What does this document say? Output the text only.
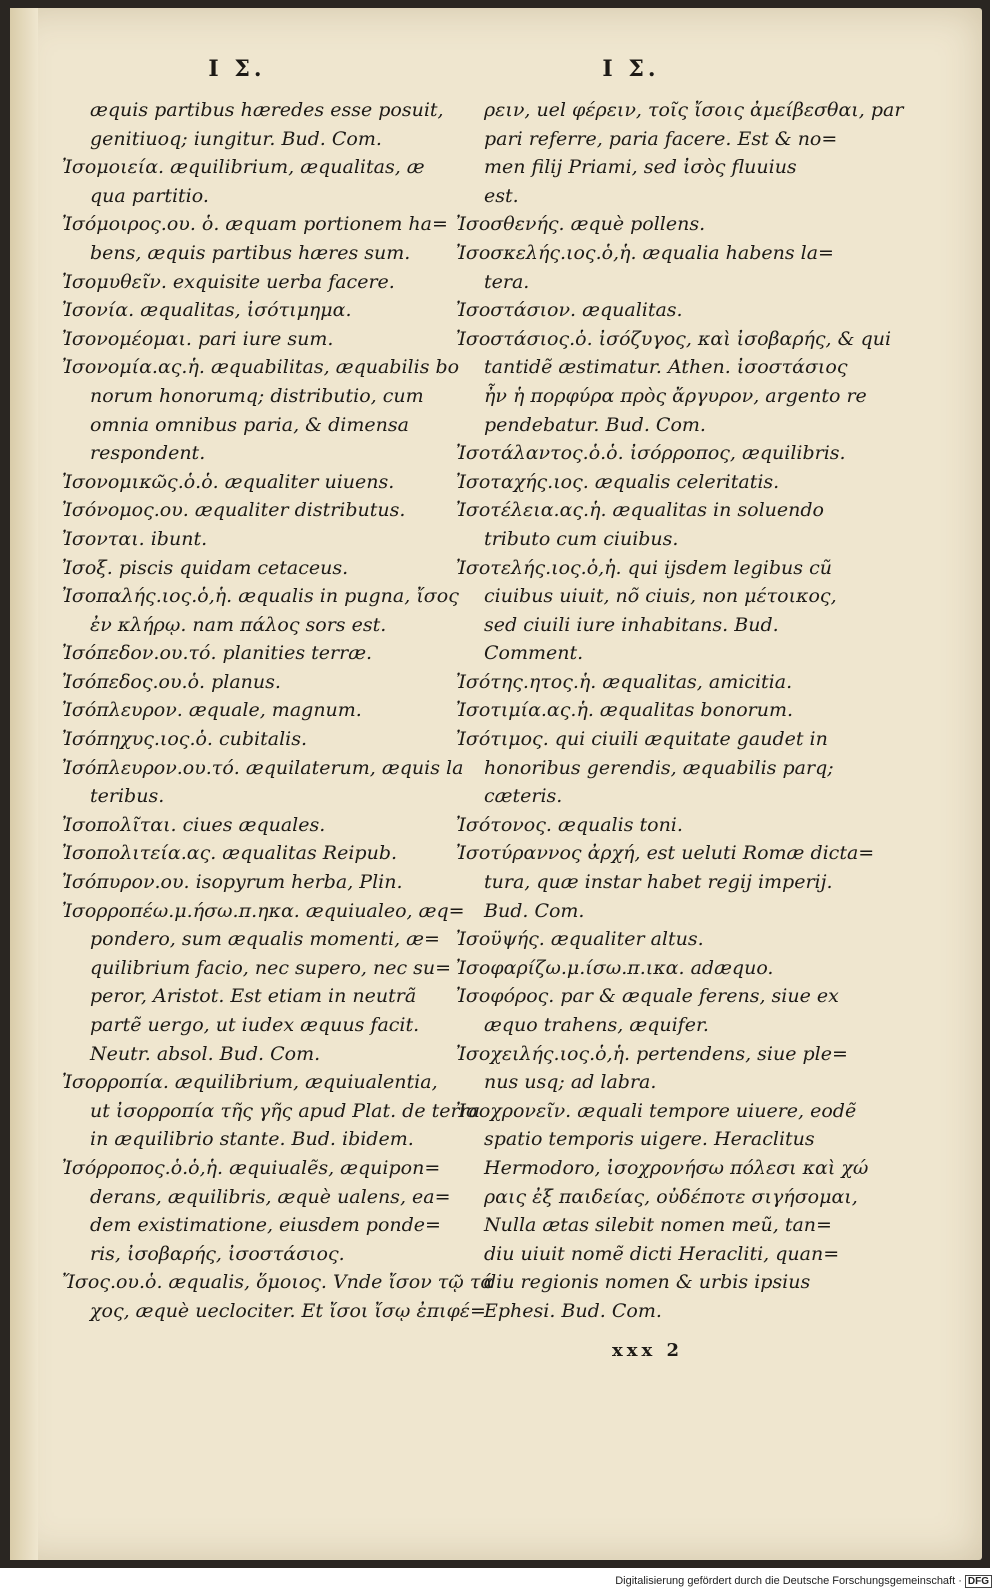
I Σ.
æquis partibus hæredes esse posuit,
genitiuoq; iungitur. Bud. Com.
Ἰσομοιεία. æquilibrium, æqualitas, æ
qua partitio.
Ἰσόμοιρος.ου. ὁ. æquam portionem ha=
bens, æquis partibus hæres sum.
Ἰσομυθεῖν. exquisite uerba facere.
Ἰσονία. æqualitas, ἰσότιμημα.
Ἰσονομέομαι. pari iure sum.
Ἰσονομία.ας.ἡ. æquabilitas, æquabilis bo
norum honorumq; distributio, cum
omnia omnibus paria, & dimensa
respondent.
Ἰσονομικῶς.ὁ.ὁ. æqualiter uiuens.
Ἰσόνομος.ου. æqualiter distributus.
Ἰσονται. ibunt.
Ἰσοξ. piscis quidam cetaceus.
Ἰσοπαλής.ιος.ὁ,ἡ. æqualis in pugna, ἴσος
ἐν κλήρῳ. nam πάλος sors est.
Ἰσόπεδον.ου.τό. planities terræ.
Ἰσόπεδος.ου.ὁ. planus.
Ἰσόπλευρον. æquale, magnum.
Ἰσόπηχυς.ιος.ὁ. cubitalis.
Ἰσόπλευρον.ου.τό. æquilaterum, æquis la
teribus.
Ἰσοπολῖται. ciues æquales.
Ἰσοπολιτεία.ας. æqualitas Reipub.
Ἰσόπυρον.ου. isopyrum herba, Plin.
Ἰσορροπέω.μ.ήσω.π.ηκα. æquiualeo, æq=
pondero, sum æqualis momenti, æ=
quilibrium facio, nec supero, nec su=
peror, Aristot. Est etiam in neutrã
partẽ uergo, ut iudex æquus facit.
Neutr. absol. Bud. Com.
Ἰσορροπία. æquilibrium, æquiualentia,
ut ἰσορροπία τῆς γῆς apud Plat. de terra
in æquilibrio stante. Bud. ibidem.
Ἰσόρροπος.ὁ.ὁ,ἡ. æquiualẽs, æquipon=
derans, æquilibris, æquè ualens, ea=
dem existimatione, eiusdem ponde=
ris, ἰσοβαρής, ἰσοστάσιος.
Ἴσος.ου.ὁ. æqualis, ὅμοιος. Vnde ἴσον τῷ τά
χος, æquè ueclociter. Et ἴσοι ἴσῳ ἐπιφέ=
I Σ.
ρειν, uel φέρειν, τοῖς ἴσοις ἀμείβεσθαι, par
pari referre, paria facere. Est & no=
men filij Priami, sed ἰσὸς fluuius
est.
Ἰσοσθενής. æquè pollens.
Ἰσοσκελής.ιος.ὁ,ἡ. æqualia habens la=
tera.
Ἰσοστάσιον. æqualitas.
Ἰσοστάσιος.ὁ. ἰσόζυγος, καὶ ἰσοβαρής, & qui
tantidẽ æstimatur. Athen. ἰσοστάσιος
ἦν ἡ πορφύρα πρὸς ἄργυρον, argento re
pendebatur. Bud. Com.
Ἰσοτάλαντος.ὁ.ὁ. ἰσόρροπος, æquilibris.
Ἰσοταχής.ιος. æqualis celeritatis.
Ἰσοτέλεια.ας.ἡ. æqualitas in soluendo
tributo cum ciuibus.
Ἰσοτελής.ιος.ὁ,ἡ. qui ijsdem legibus cũ
ciuibus uiuit, nõ ciuis, non μέτοικος,
sed ciuili iure inhabitans. Bud.
Comment.
Ἰσότης.ητος.ἡ. æqualitas, amicitia.
Ἰσοτιμία.ας.ἡ. æqualitas bonorum.
Ἰσότιμος. qui ciuili æquitate gaudet in
honoribus gerendis, æquabilis parq;
cæteris.
Ἰσότονος. æqualis toni.
Ἰσοτύραννος ἀρχή, est ueluti Romæ dicta=
tura, quæ instar habet regij imperij.
Bud. Com.
Ἰσοϋψής. æqualiter altus.
Ἰσοφαρίζω.μ.ίσω.π.ικα. adæquo.
Ἰσοφόρος. par & æquale ferens, siue ex
æquo trahens, æquifer.
Ἰσοχειλής.ιος.ὁ,ἡ. pertendens, siue ple=
nus usq; ad labra.
Ἰσοχρονεῖν. æquali tempore uiuere, eodẽ
spatio temporis uigere. Heraclitus
Hermodoro, ἰσοχρονήσω πόλεσι καὶ χώ
ραις ἐξ παιδείας, οὐδέποτε σιγήσομαι,
Nulla ætas silebit nomen meũ, tan=
diu uiuit nomẽ dicti Heracliti, quan=
diu regionis nomen & urbis ipsius
Ephesi. Bud. Com.
xxx 2
Digitalisierung gefördert durch die Deutsche Forschungsgemeinschaft · DFG
